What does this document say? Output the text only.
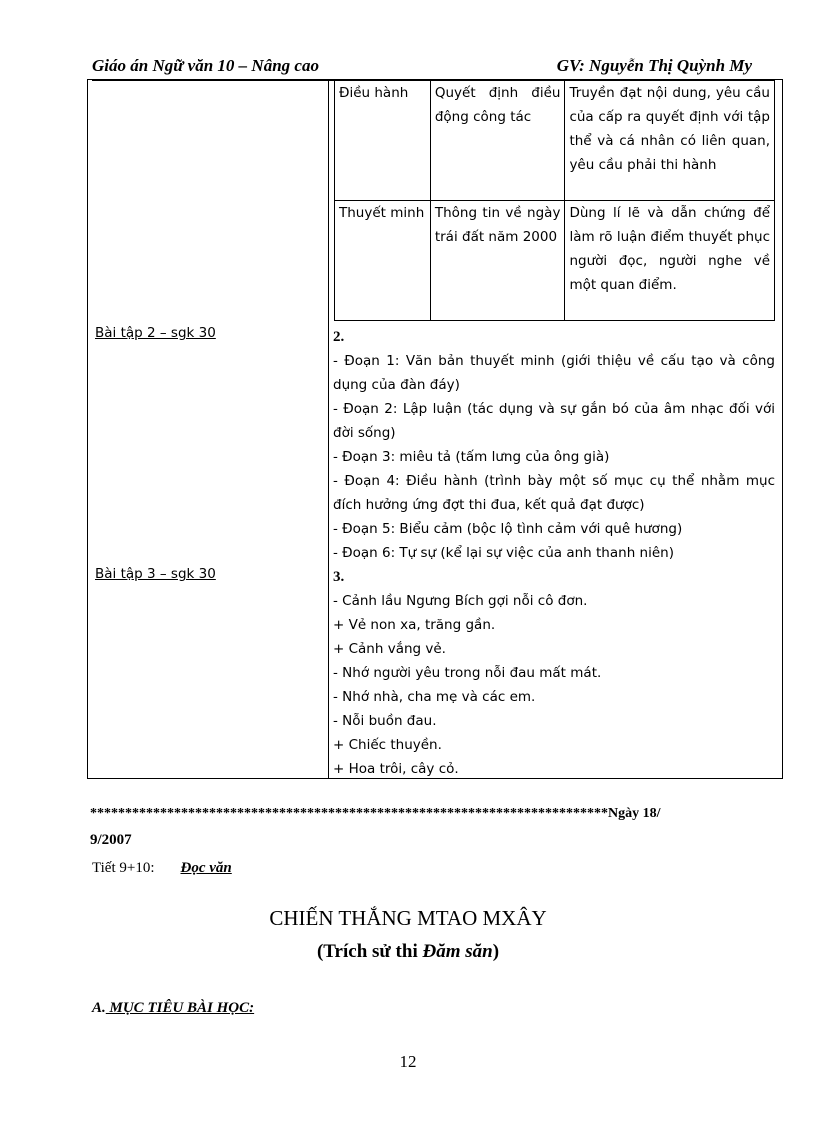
Giáo án Ngữ văn 10 – Nâng cao	GV: Nguyễn Thị Quỳnh My
Bài tập 2 – sgk 30
Bài tập 3 – sgk 30
Điều hành	Quyết định điều động công tác	Truyền đạt nội dung, yêu cầu của cấp ra quyết định với tập thể và cá nhân có liên quan, yêu cầu phải thi hành
Thuyết minh	Thông tin về ngày trái đất năm 2000	Dùng lí lẽ và dẫn chứng để làm rõ luận điểm thuyết phục người đọc, người nghe về một quan điểm.
2.
- Đoạn 1: Văn bản thuyết minh (giới thiệu về cấu tạo và công dụng của đàn đáy)
- Đoạn 2: Lập luận (tác dụng và sự gắn bó của âm nhạc đối với đời sống)
- Đoạn 3: miêu tả (tấm lưng của ông già)
- Đoạn 4: Điều hành (trình bày một số mục cụ thể nhằm mục đích hưởng ứng đợt thi đua, kết quả đạt được)
- Đoạn 5: Biểu cảm (bộc lộ tình cảm với quê hương)
- Đoạn 6: Tự sự (kể lại sự việc của anh thanh niên)
3.
- Cảnh lầu Ngưng Bích gợi nỗi cô đơn.
+ Vẻ non xa, trăng gần.
+ Cảnh vắng vẻ.
- Nhớ người yêu trong nỗi đau mất mát.
- Nhớ nhà, cha mẹ và các em.
- Nỗi buồn đau.
+ Chiếc thuyền.
+ Hoa trôi, cây cỏ.
**************************************************************************Ngày 18/
9/2007
Tiết 9+10: Đọc văn
CHIẾN THẮNG MTAO MXÂY
(Trích sử thi Đăm săn)
A. MỤC TIÊU BÀI HỌC:
12
